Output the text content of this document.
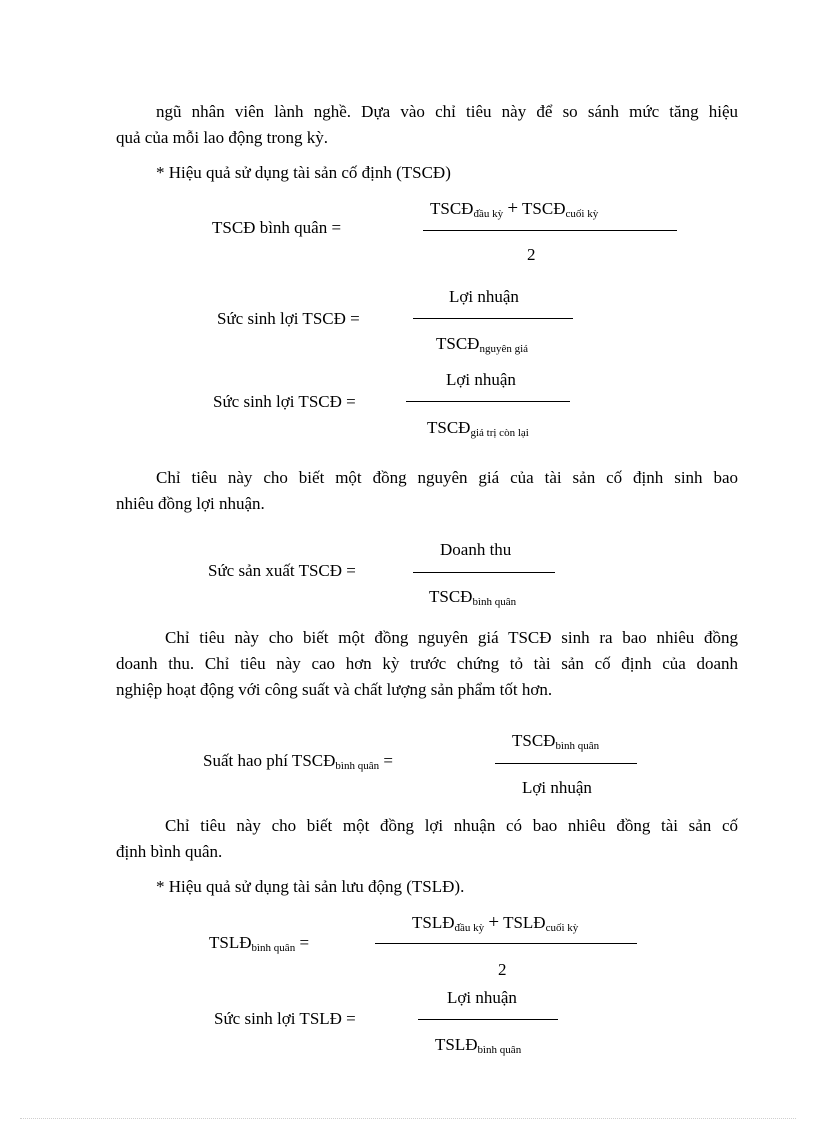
ngũ nhân viên lành nghề. Dựa vào chỉ tiêu này để so sánh mức tăng hiệu
quả của mỗi lao động trong kỳ.
* Hiệu quả sử dụng tài sản cố định (TSCĐ)
TSCĐ bình quân =
$TSCĐ_{đầu kỳ}$ + $TSCĐ_{cuối kỳ}$
2
Sức sinh lợi TSCĐ =
Lợi nhuận
$TSCĐ_{nguyên giá}$
Sức sinh lợi TSCĐ =
Lợi nhuận
$TSCĐ_{giá trị còn lại}$
Chỉ tiêu này cho biết một đồng nguyên giá của tài sản cố định sinh bao
nhiêu đồng lợi nhuận.
Sức sản xuất TSCĐ =
Doanh thu
$TSCĐ_{bình quân}$
Chỉ tiêu này cho biết một đồng nguyên giá TSCĐ sinh ra bao nhiêu đồng
doanh thu. Chỉ tiêu này cao hơn kỳ trước chứng tỏ tài sản cố định của doanh
nghiệp hoạt động với công suất và chất lượng sản phẩm tốt hơn.
Suất hao phí $TSCĐ_{bình quân}$ =
$TSCĐ_{bình quân}$
Lợi nhuận
Chỉ tiêu này cho biết một đồng lợi nhuận có bao nhiêu đồng tài sản cố
định bình quân.
* Hiệu quả sử dụng tài sản lưu động (TSLĐ).
$TSLĐ_{bình quân}$ =
$TSLĐ_{đầu kỳ}$ + $TSLĐ_{cuối kỳ}$
2
Sức sinh lợi TSLĐ =
Lợi nhuận
$TSLĐ_{bình quân}$
